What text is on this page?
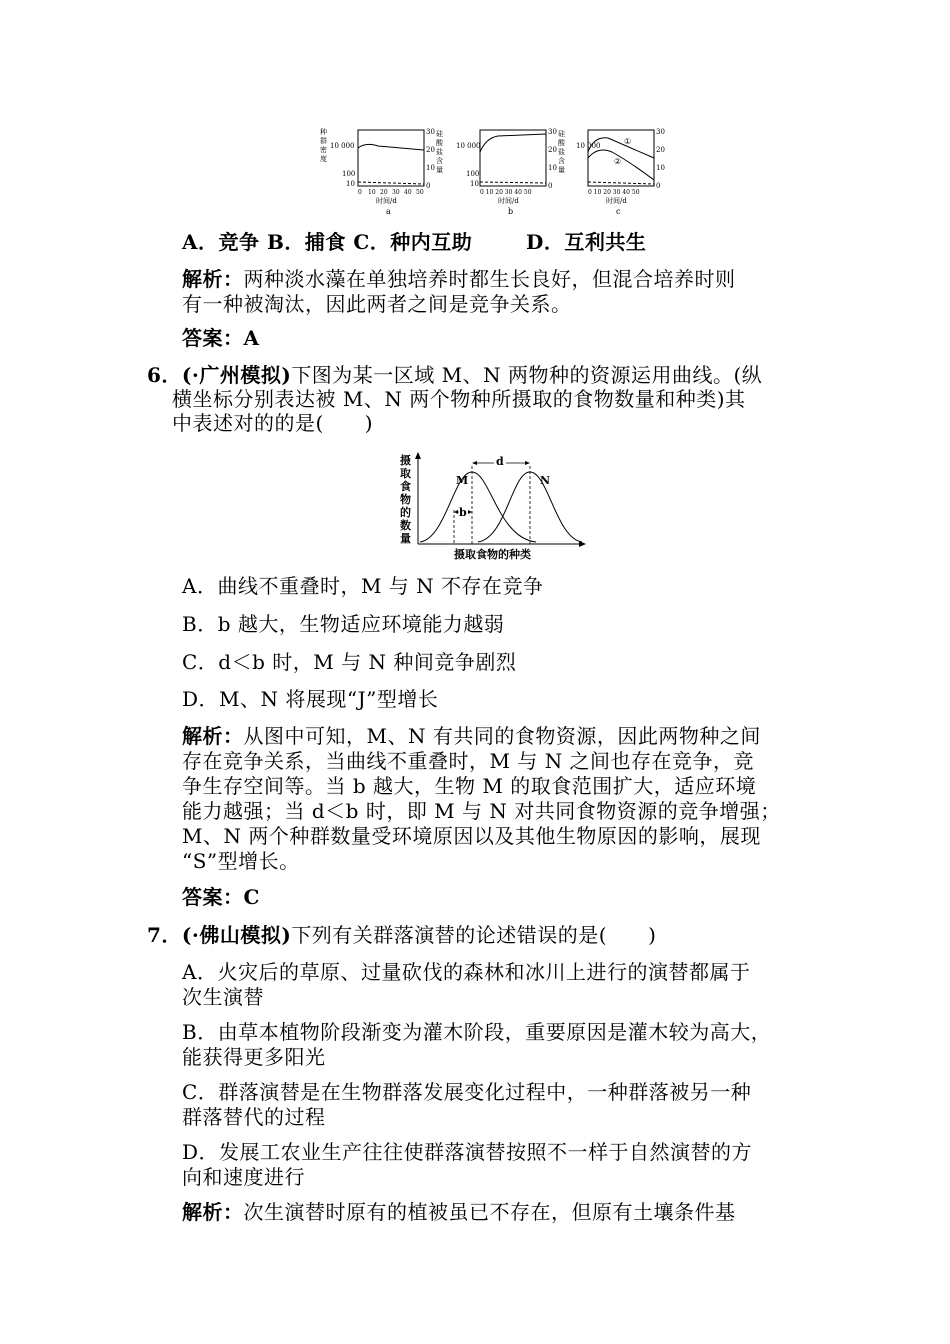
种
群
密
度
10 000
100
10
30
20
10
0
硅
酸
盐
含
量
0 10 20 30 40 50
时间/d
a
10 000
100
10
30
20
10
0
硅
酸
盐
含
量
0 10 20 30 40 50
时间/d
b
10 000	①
②
30
20
10
0
0 10 20 30 40 50
时间/d
c
A．竞争 B．捕食 C．种内互助	D．互利共生
解析：两种淡水藻在单独培养时都生长良好，但混合培养时则
有一种被淘汰，因此两者之间是竞争关系。
答案：A
6．(·广州模拟)下图为某一区域 M、N 两物种的资源运用曲线。(纵
横坐标分别表达被 M、N 两个物种所摄取的食物数量和种类)其
中表述对的的是(　　)
摄
取
食
物
的
数
量
d
b
M	N
摄取食物的种类
A．曲线不重叠时，M 与 N 不存在竞争
B．b 越大，生物适应环境能力越弱
C．d＜b 时，M 与 N 种间竞争剧烈
D．M、N 将展现“J”型增长
解析：从图中可知，M、N 有共同的食物资源，因此两物种之间
存在竞争关系，当曲线不重叠时，M 与 N 之间也存在竞争，竞
争生存空间等。当 b 越大，生物 M 的取食范围扩大，适应环境
能力越强；当 d＜b 时，即 M 与 N 对共同食物资源的竞争增强；
M、N 两个种群数量受环境原因以及其他生物原因的影响，展现
“S”型增长。
答案：C
7．(·佛山模拟)下列有关群落演替的论述错误的是(　　)
A．火灾后的草原、过量砍伐的森林和冰川上进行的演替都属于
次生演替
B．由草本植物阶段渐变为灌木阶段，重要原因是灌木较为高大，
能获得更多阳光
C．群落演替是在生物群落发展变化过程中，一种群落被另一种
群落替代的过程
D．发展工农业生产往往使群落演替按照不一样于自然演替的方
向和速度进行
解析：次生演替时原有的植被虽已不存在，但原有土壤条件基
